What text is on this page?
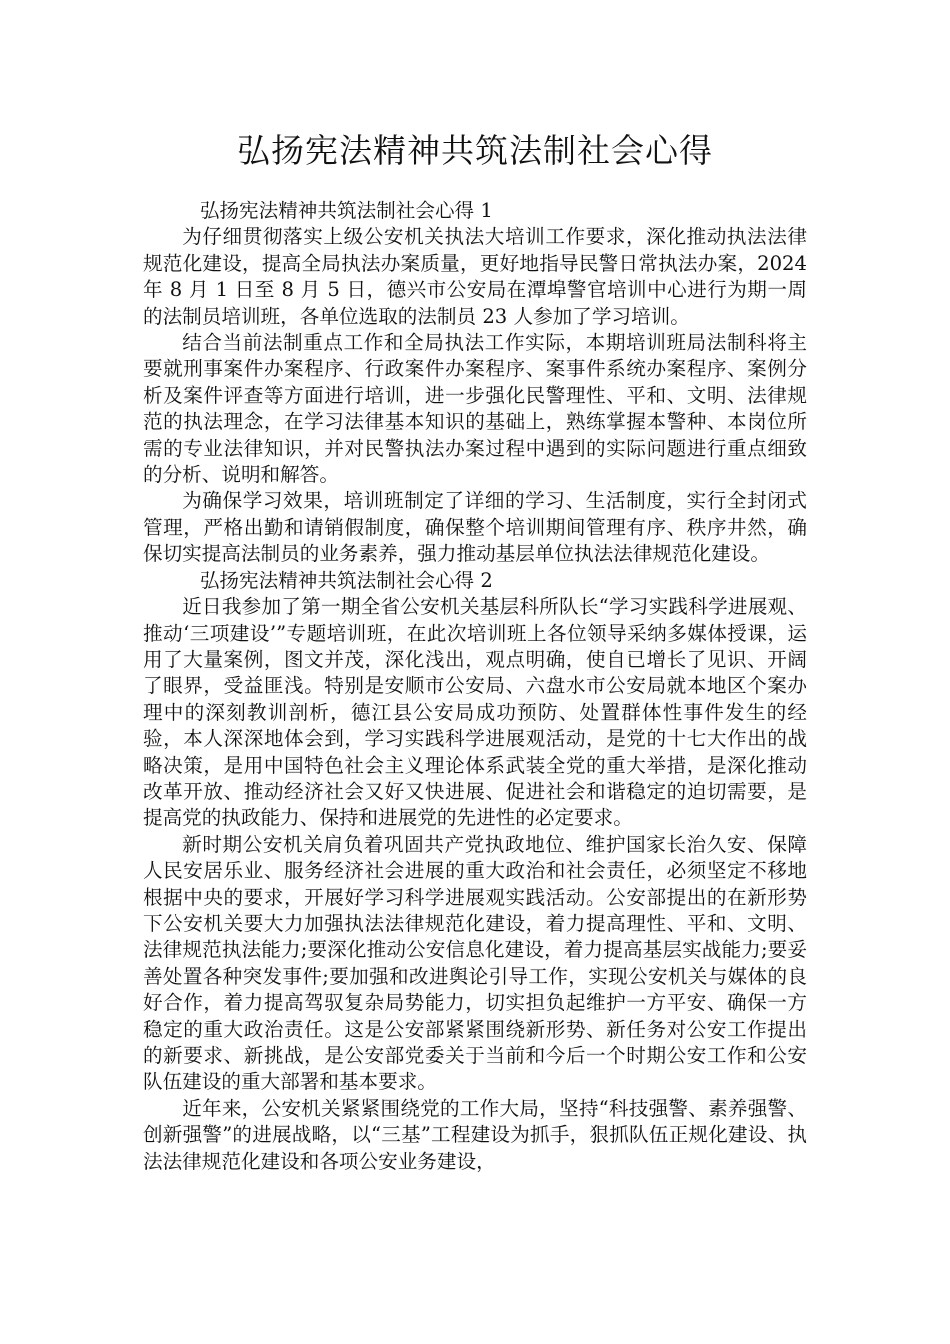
弘扬宪法精神共筑法制社会心得

弘扬宪法精神共筑法制社会心得 1

为仔细贯彻落实上级公安机关执法大培训工作要求，深化推动执法法律规范化建设，提高全局执法办案质量，更好地指导民警日常执法办案，2024 年 8 月 1 日至 8 月 5 日，德兴市公安局在潭埠警官培训中心进行为期一周的法制员培训班，各单位选取的法制员 23 人参加了学习培训。

结合当前法制重点工作和全局执法工作实际，本期培训班局法制科将主要就刑事案件办案程序、行政案件办案程序、案事件系统办案程序、案例分析及案件评查等方面进行培训，进一步强化民警理性、平和、文明、法律规范的执法理念，在学习法律基本知识的基础上，熟练掌握本警种、本岗位所需的专业法律知识，并对民警执法办案过程中遇到的实际问题进行重点细致的分析、说明和解答。

为确保学习效果，培训班制定了详细的学习、生活制度，实行全封闭式管理，严格出勤和请销假制度，确保整个培训期间管理有序、秩序井然，确保切实提高法制员的业务素养，强力推动基层单位执法法律规范化建设。

弘扬宪法精神共筑法制社会心得 2

近日我参加了第一期全省公安机关基层科所队长“学习实践科学进展观、推动‘三项建设’”专题培训班，在此次培训班上各位领导采纳多媒体授课，运用了大量案例，图文并茂，深化浅出，观点明确，使自已增长了见识、开阔了眼界，受益匪浅。特别是安顺市公安局、六盘水市公安局就本地区个案办理中的深刻教训剖析，德江县公安局成功预防、处置群体性事件发生的经验，本人深深地体会到，学习实践科学进展观活动，是党的十七大作出的战略决策，是用中国特色社会主义理论体系武装全党的重大举措，是深化推动改革开放、推动经济社会又好又快进展、促进社会和谐稳定的迫切需要，是提高党的执政能力、保持和进展党的先进性的必定要求。

新时期公安机关肩负着巩固共产党执政地位、维护国家长治久安、保障人民安居乐业、服务经济社会进展的重大政治和社会责任，必须坚定不移地根据中央的要求，开展好学习科学进展观实践活动。公安部提出的在新形势下公安机关要大力加强执法法律规范化建设，着力提高理性、平和、文明、法律规范执法能力;要深化推动公安信息化建设，着力提高基层实战能力;要妥善处置各种突发事件;要加强和改进舆论引导工作，实现公安机关与媒体的良好合作，着力提高驾驭复杂局势能力，切实担负起维护一方平安、确保一方稳定的重大政治责任。这是公安部紧紧围绕新形势、新任务对公安工作提出的新要求、新挑战，是公安部党委关于当前和今后一个时期公安工作和公安队伍建设的重大部署和基本要求。

近年来，公安机关紧紧围绕党的工作大局，坚持“科技强警、素养强警、创新强警”的进展战略，以“三基”工程建设为抓手，狠抓队伍正规化建设、执法法律规范化建设和各项公安业务建设，
